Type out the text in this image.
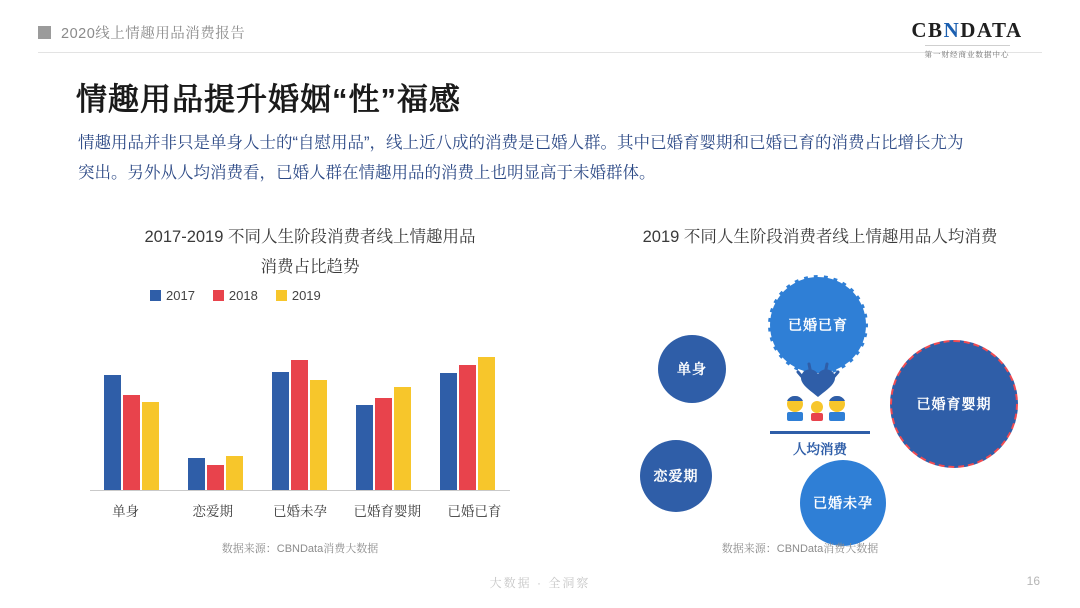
2020线上情趣用品消费报告	CBNDATA
第一财经商业数据中心
情趣用品提升婚姻“性”福感
情趣用品并非只是单身人士的“自慰用品”，线上近八成的消费是已婚人群。其中已婚育婴期和已婚已育的消费占比增长尤为突出。另外从人均消费看，已婚人群在情趣用品的消费上也明显高于未婚群体。
2017-2019 不同人生阶段消费者线上情趣用品
消费占比趋势
2017	2018	2019
单身	恋爱期	已婚未孕	已婚育婴期	已婚已育
数据来源：CBNData消费大数据
2019 不同人生阶段消费者线上情趣用品人均消费
单身
已婚已育
已婚育婴期
恋爱期
已婚未孕
人均消费
数据来源：CBNData消费大数据
大数据 · 全洞察	16
